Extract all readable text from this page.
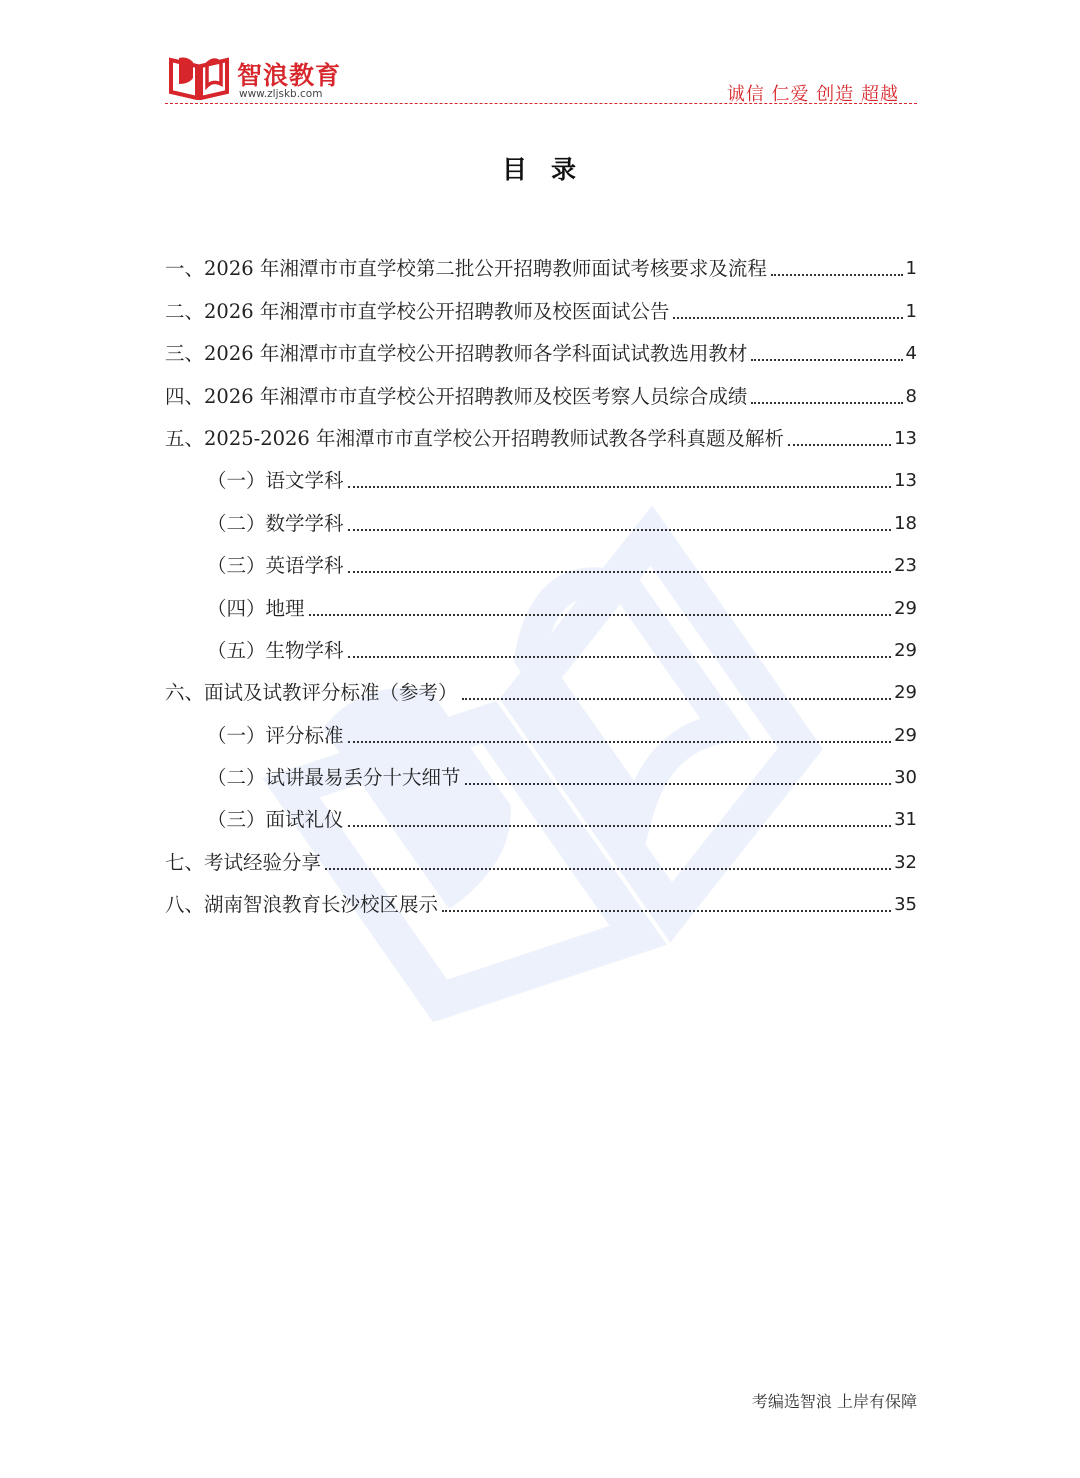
智浪教育
www.zljskb.com	诚信 仁爱 创造 超越
目 录
一、2026 年湘潭市市直学校第二批公开招聘教师面试考核要求及流程	1
二、2026 年湘潭市市直学校公开招聘教师及校医面试公告	1
三、2026 年湘潭市市直学校公开招聘教师各学科面试试教选用教材	4
四、2026 年湘潭市市直学校公开招聘教师及校医考察人员综合成绩	8
五、2025-2026 年湘潭市市直学校公开招聘教师试教各学科真题及解析	13
（一）语文学科	13
（二）数学学科	18
（三）英语学科	23
（四）地理	29
（五）生物学科	29
六、面试及试教评分标准（参考）	29
（一）评分标准	29
（二）试讲最易丢分十大细节	30
（三）面试礼仪	31
七、考试经验分享	32
八、湖南智浪教育长沙校区展示	35
考编选智浪 上岸有保障
